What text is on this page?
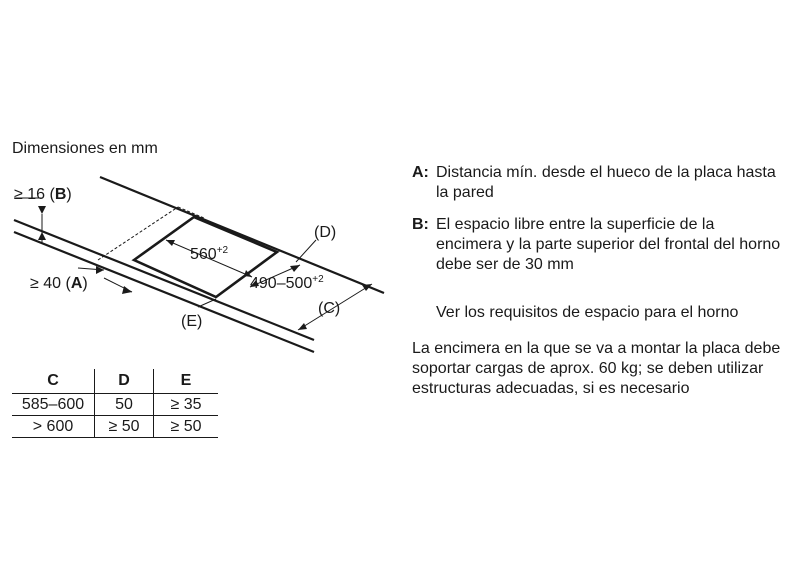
Dimensiones en mm
≥ 16 (B)
≥ 40 (A)
(D)
(C)
(E)
$560^{+2}$
$490-500^{+2}$
C	D	E
585–600	50	≥ 35
> 600	≥ 50	≥ 50

A: Distancia mín. desde el hueco de la placa hasta la pared

B: El espacio libre entre la superficie de la encimera y la parte superior del frontal del horno debe ser de 30 mm

Ver los requisitos de espacio para el horno

La encimera en la que se va a montar la placa debe soportar cargas de aprox. 60 kg; se deben utilizar estructuras adecuadas, si es necesario
